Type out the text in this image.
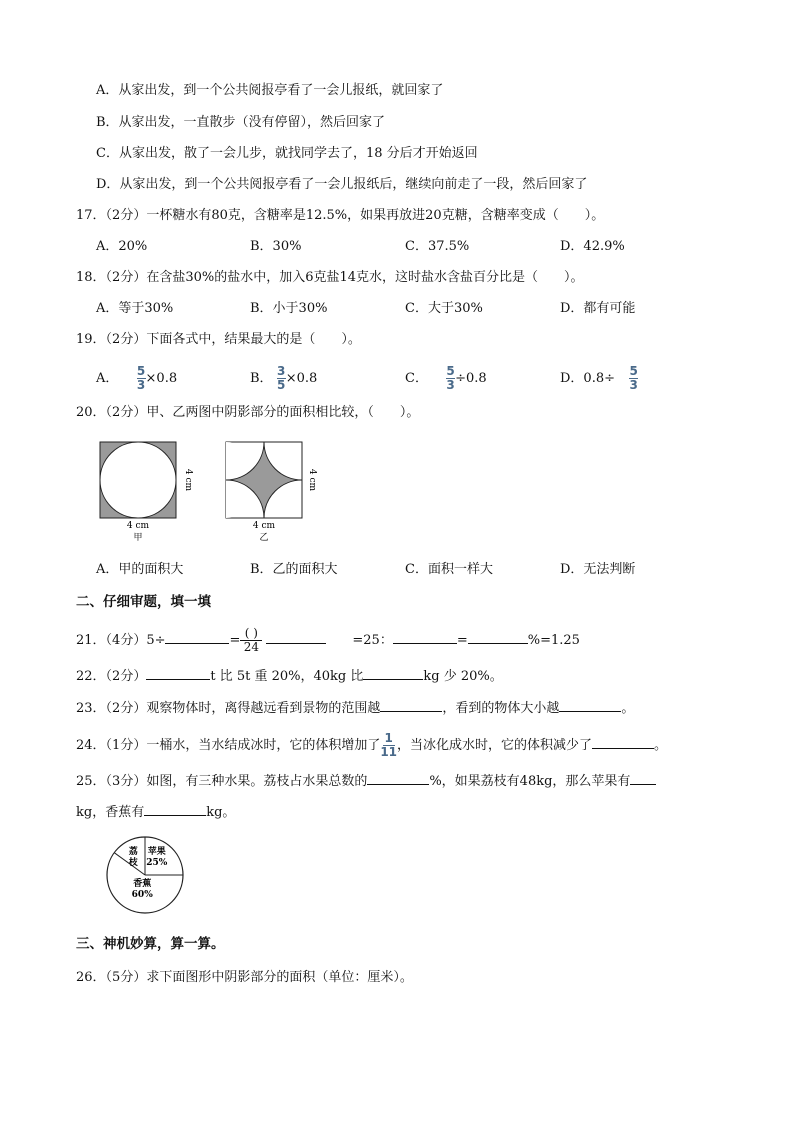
A．从家出发，到一个公共阅报亭看了一会儿报纸，就回家了
B．从家出发，一直散步（没有停留），然后回家了
C．从家出发，散了一会儿步，就找同学去了，18 分后才开始返回
D．从家出发，到一个公共阅报亭看了一会儿报纸后，继续向前走了一段，然后回家了
17．（2分）一杯糖水有80克，含糖率是12.5%，如果再放进20克糖，含糖率变成（　　）。
A．20%	B．30%	C．37.5%	D．42.9%
18．（2分）在含盐30%的盐水中，加入6克盐14克水，这时盐水含盐百分比是（　　）。
A．等于30%	B．小于30%	C．大于30%	D．都有可能
19．（2分）下面各式中，结果最大的是（　　）。
A． $\frac{5}{3} \times 0.8$	B． $\frac{3}{5} \times 0.8$	C． $\frac{5}{3} \div 0.8$	D．$0.8\div \frac{5}{3}$
20．（2分）甲、乙两图中阴影部分的面积相比较，（　　）。
4 cm
4 cm
甲
4 cm
4 cm
乙
A．甲的面积大	B．乙的面积大	C．面积一样大	D．无法判断
二、仔细审题，填一填
21．（4分）5÷	= $\frac{( )}{24}$	=25：	=	%=1.25
22．（2分）	t 比 5t 重 20%，40kg 比	kg 少 20%。
23．（2分）观察物体时，离得越远看到景物的范围越	，看到的物体大小越	。
24．（1分）一桶水，当水结成冰时，它的体积增加了 $\frac{1}{11}$ ，当冰化成水时，它的体积减少了	。
25．（3分）如图，有三种水果。荔枝占水果总数的	%，如果荔枝有48kg，那么苹果有
kg，香蕉有	kg。
荔
枝
苹果
25%
香蕉
60%
三、神机妙算，算一算。
26．（5分）求下面图形中阴影部分的面积（单位：厘米）。
